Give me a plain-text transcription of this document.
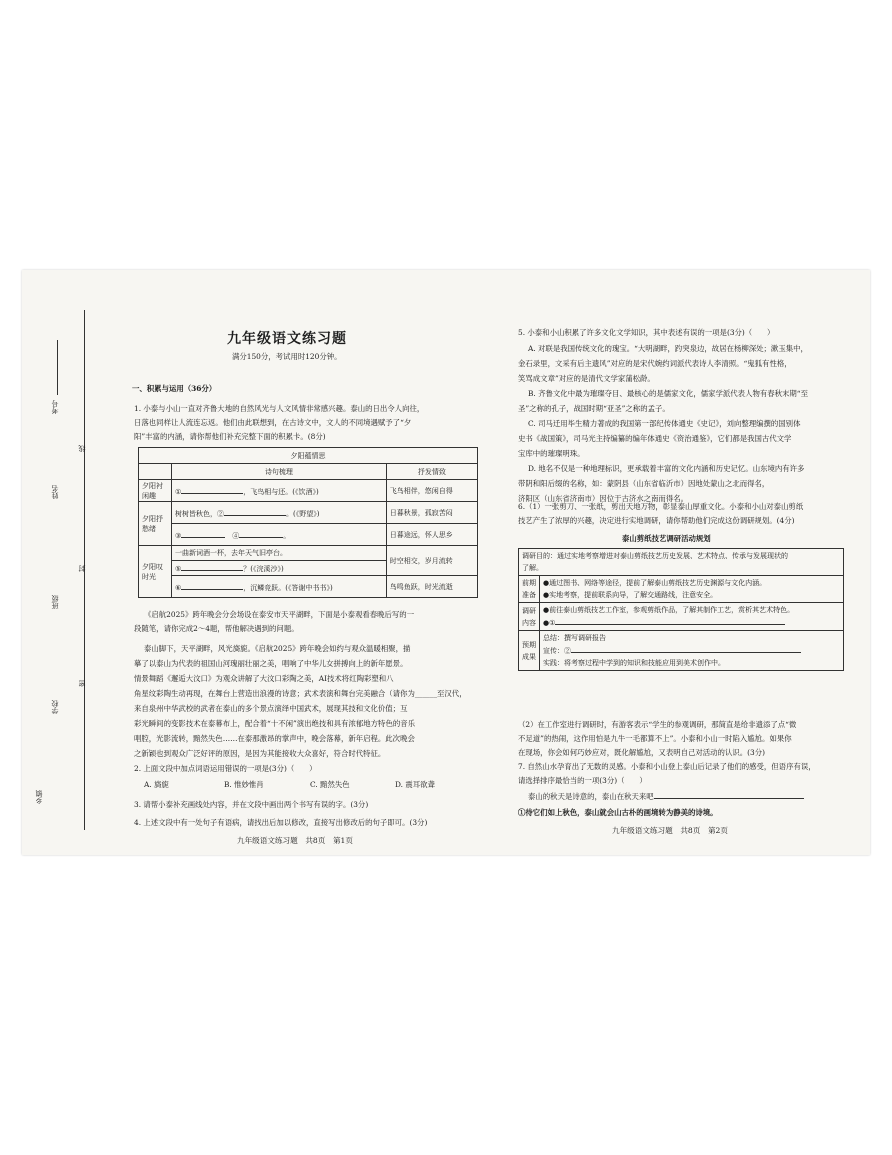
考号
线
姓名
封
班级
密
学校
乡镇
九年级语文练习题
满分150分，考试用时120分钟。
一、积累与运用（36分）
1. 小泰与小山一直对齐鲁大地的自然风光与人文风情非常感兴趣。泰山的日出令人向往，
日落也同样让人流连忘返。他们由此联想到，在古诗文中，文人的不同境遇赋予了“夕
阳”丰富的内涵，请你帮他们补充完整下面的积累卡。(8分)
夕阳蕴情思		
	诗句梳理	抒发情致
夕阳衬闲趣	① ，飞鸟相与还。(《饮酒》)	飞鸟相伴，悠闲自得
夕阳抒愁绪	树树皆秋色，② 。(《野望》)	日暮秋景，孤寂苦闷
	③　 ④ 。	日暮途远，怀人思乡
夕阳叹时光	一曲新词酒一杯，去年天气旧亭台。	时空相交，岁月流转
	⑤ ？(《浣溪沙》)	
	⑥ ，沉鳞竞跃。(《答谢中书书》)	鸟鸣鱼跃，时光流逝
《启航2025》跨年晚会分会场设在泰安市天平湖畔，下面是小泰观看春晚后写的一
段随笔，请你完成2～4题，帮他解决遇到的问题。
泰山脚下，天平湖畔，风光旖旎。《启航2025》跨年晚会如约与观众温暖相聚，描
摹了以泰山为代表的祖国山河瑰丽壮丽之美，唱响了中华儿女拼搏向上的新年愿景。
情景舞蹈《邂逅大汶口》为观众讲解了大汶口彩陶之美，AI技术将红陶彩塑和八
角星纹彩陶生动再现，在舞台上营造出浪漫的诗意；武术表演和舞台完美融合（请你为______至汉代，
来自泉州中华武校的武者在泰山的多个景点演绎中国武术，展现其技和文化价值；互
彩光瞬间的变影技术在泰幕布上，配合着“十不闲”演出绝技和具有浓郁地方特色的音乐
唱腔，光影流转，黯然失色……在泰那激昂的掌声中，晚会落幕，新年启程。此次晚会
之新颖也到观众广泛好评的原因，是因为其能接收大众喜好，符合时代特征。
2. 上面文段中加点词语运用错误的一项是(3分)（　　）
A. 旖旎	B. 惟妙惟肖	C. 黯然失色	D. 震耳欲聋
3. 请帮小泰补充画线处内容，并在文段中画出两个书写有误的字。(3分)
4. 上述文段中有一处句子有语病，请找出后加以修改，直接写出修改后的句子即可。(3分)
九年级语文练习题　共8页　第1页
5. 小泰和小山积累了许多文化文学知识，其中表述有误的一项是(3分)（　　）
A. 对联是我国传统文化的瑰宝。“大明湖畔，趵突泉边，故居在杨柳深处；漱玉集中，
金石录里，文采有后主遗风”对应的是宋代婉约词派代表诗人李清照。“鬼狐有性格，
笑骂成文章”对应的是清代文学家蒲松龄。
B. 齐鲁文化中最为璀璨夺目、最核心的是儒家文化，儒家学派代表人物有春秋末期“至
圣”之称的孔子，战国时期“亚圣”之称的孟子。
C. 司马迁用毕生精力著成的我国第一部纪传体通史《史记》，刘向整理编撰的国别体
史书《战国策》，司马光主持编纂的编年体通史《资治通鉴》，它们都是我国古代文学
宝库中的璀璨明珠。
D. 地名不仅是一种地理标识，更承载着丰富的文化内涵和历史记忆。山东境内有许多
带阴和阳后缀的名称，如：蒙阴县（山东省临沂市）因地处蒙山之北而得名，
济阳区（山东省济南市）因位于古济水之南而得名。
6.（1）一张剪刀、一张纸，剪出天地万物，彰显泰山厚重文化。小泰和小山对泰山剪纸
技艺产生了浓厚的兴趣，决定进行实地调研，请你帮助他们完成这份调研规划。(4分)
泰山剪纸技艺调研活动规划
调研目的：通过实地考察增进对泰山剪纸技艺历史发展、艺术特点、传承与发展现状的
了解。	
前期准备	●通过图书、网络等途径，提前了解泰山剪纸技艺历史渊源与文化内涵。
●实地考察，提前联系向导，了解交通路线，注意安全。
调研内容	●前往泰山剪纸技艺工作室，参观剪纸作品，了解其制作工艺，赏析其艺术特色。
●①
预期成果	总结：撰写调研报告
宣传：②
实践：将考察过程中学到的知识和技能应用到美术创作中。
（2）在工作室进行调研时，有游客表示“学生的参观调研，那简直是给非遗添了点“微
不足道”的热闹，这作用怕是九牛一毛都算不上”。小泰和小山一时陷入尴尬。如果你
在现场，你会如何巧妙应对，既化解尴尬，又表明自己对活动的认识。(3分)
7. 自然山水孕育出了无数的灵感。小泰和小山登上泰山后记录了他们的感受，但语序有误，
请选择排序最恰当的一项(3分)（　　）
泰山的秋天是诗意的，泰山在秋天来吧
①待它们如上秋色，泰山就会山古朴的画境转为静美的诗境。
九年级语文练习题　共8页　第2页
